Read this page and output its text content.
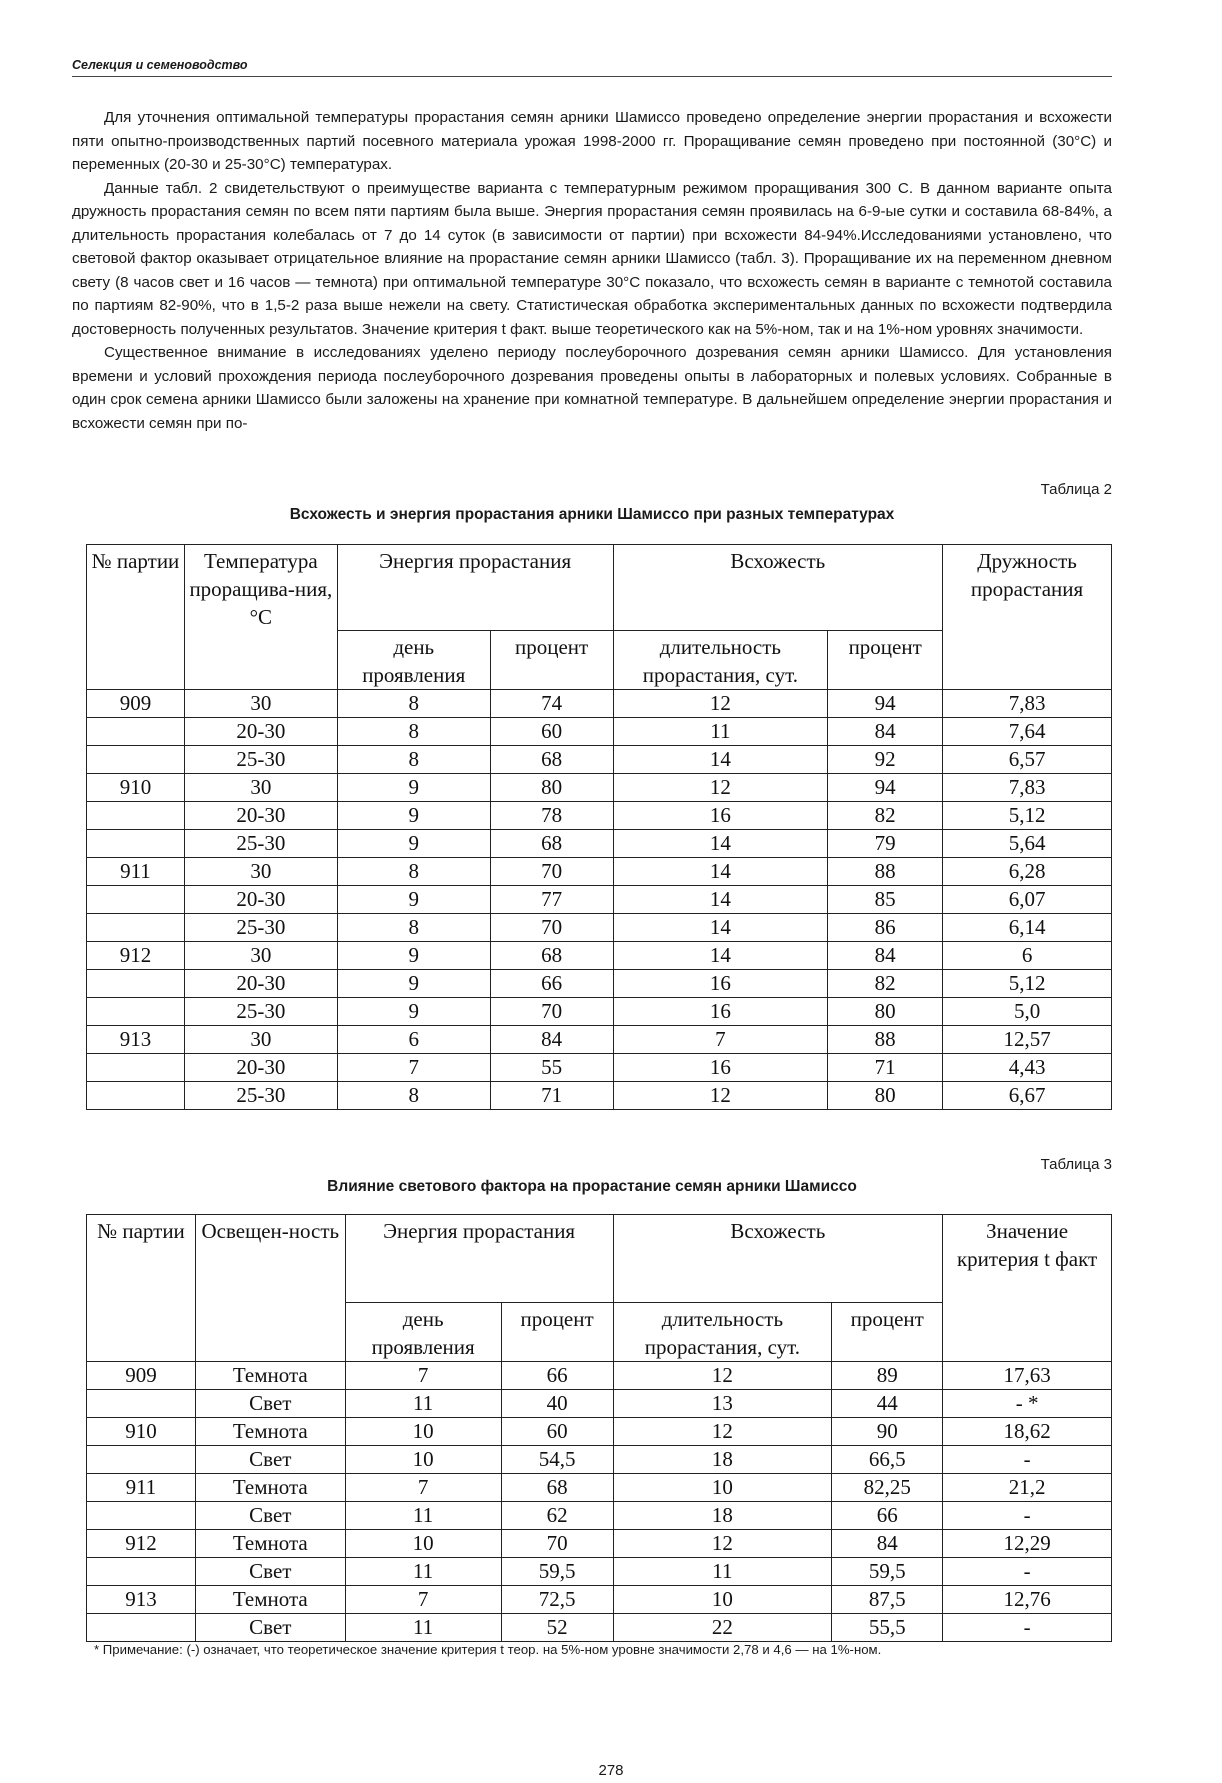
Селекция и семеноводство

Для уточнения оптимальной температуры прорастания семян арники Шамиссо проведено определение энергии прорастания и всхожести пяти опытно-производственных партий посевного материала урожая 1998-2000 гг. Проращивание семян проведено при постоянной (30°С) и переменных (20-30 и 25-30°С) температурах.

Данные табл. 2 свидетельствуют о преимуществе варианта с температурным режимом проращивания 300 С. В данном варианте опыта дружность прорастания семян по всем пяти партиям была выше. Энергия прорастания семян проявилась на 6-9-ые сутки и составила 68-84%, а длительность прорастания колебалась от 7 до 14 суток (в зависимости от партии) при всхожести 84-94%.Исследованиями установлено, что световой фактор оказывает отрицательное влияние на прорастание семян арники Шамиссо (табл. 3). Проращивание их на переменном дневном свету (8 часов свет и 16 часов — темнота) при оптимальной температуре 30°С показало, что всхожесть семян в варианте с темнотой составила по партиям 82-90%, что в 1,5-2 раза выше нежели на свету. Статистическая обработка экспериментальных данных по всхожести подтвердила достоверность полученных результатов. Значение критерия t факт. выше теоретического как на 5%-ном, так и на 1%-ном уровнях значимости.

Существенное внимание в исследованиях уделено периоду послеуборочного дозревания семян арники Шамиссо. Для установления времени и условий прохождения периода послеуборочного дозревания проведены опыты в лабораторных и полевых условиях. Собранные в один срок семена арники Шамиссо были заложены на хранение при комнатной температуре. В дальнейшем определение энергии прорастания и всхожести семян при по-

Таблица 2
Всхожесть и энергия прорастания арники Шамиссо при разных температурах
№ партии	Температура проращива-ния, °С	Энергия прорастания		Всхожесть		Дружность прорастания
		день проявления	процент	длительность прорастания, сут.	процент	
909	30	8	74	12	94	7,83
	20-30	8	60	11	84	7,64
	25-30	8	68	14	92	6,57
910	30	9	80	12	94	7,83
	20-30	9	78	16	82	5,12
	25-30	9	68	14	79	5,64
911	30	8	70	14	88	6,28
	20-30	9	77	14	85	6,07
	25-30	8	70	14	86	6,14
912	30	9	68	14	84	6
	20-30	9	66	16	82	5,12
	25-30	9	70	16	80	5,0
913	30	6	84	7	88	12,57
	20-30	7	55	16	71	4,43
	25-30	8	71	12	80	6,67
Таблица 3
Влияние светового фактора на прорастание семян арники Шамиссо
№ партии	Освещен-ность	Энергия прорастания		Всхожесть		Значение критерия t факт
		день проявления	процент	длительность прорастания, сут.	процент	
909	Темнота	7	66	12	89	17,63
	Свет	11	40	13	44	- *
910	Темнота	10	60	12	90	18,62
	Свет	10	54,5	18	66,5	-
911	Темнота	7	68	10	82,25	21,2
	Свет	11	62	18	66	-
912	Темнота	10	70	12	84	12,29
	Свет	11	59,5	11	59,5	-
913	Темнота	7	72,5	10	87,5	12,76
	Свет	11	52	22	55,5	-
* Примечание: (-) означает, что теоретическое значение критерия t теор. на 5%-ном уровне значимости 2,78 и 4,6 — на 1%-ном.
278
